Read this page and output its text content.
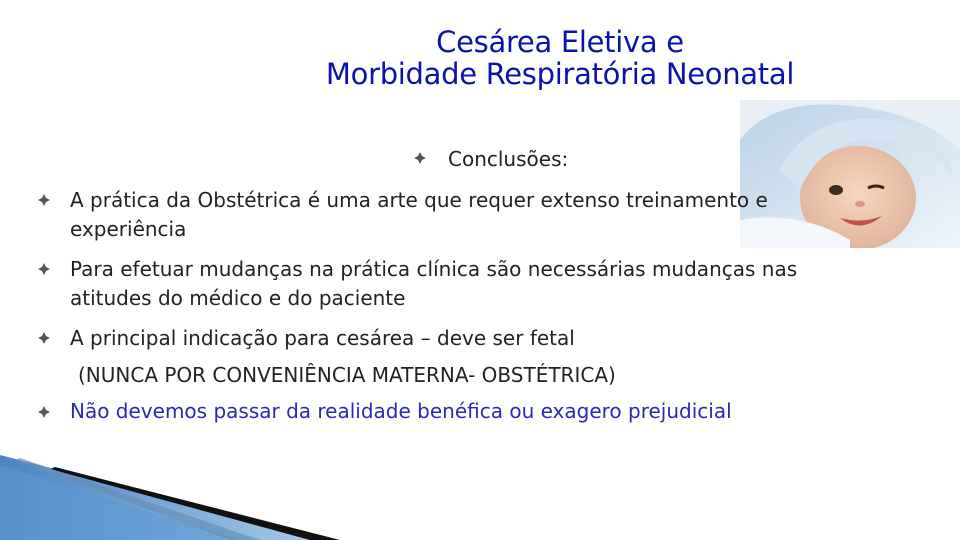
Cesárea Eletiva e
Morbidade Respiratória Neonatal
Conclusões:
A prática da Obstétrica é uma arte que requer extenso treinamento e
experiência
Para efetuar mudanças na prática clínica são necessárias mudanças nas
atitudes do médico e do paciente
A principal indicação para cesárea – deve ser fetal
(NUNCA POR CONVENIÊNCIA MATERNA- OBSTÉTRICA)
Não devemos passar da realidade benéfica ou exagero prejudicial
